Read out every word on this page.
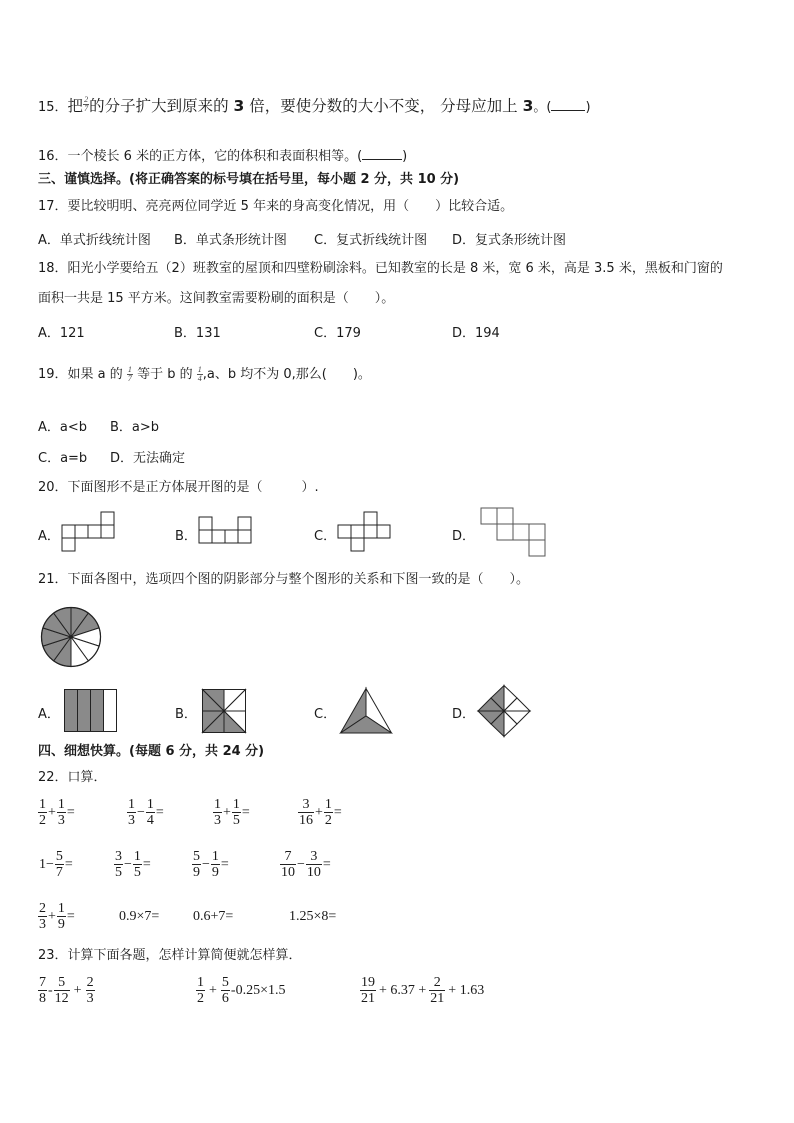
15．把 $\frac{2}{7}$ 的分子扩大到原来的 3 倍，要使分数的大小不变， 分母应加上 3。(	)
16．一个棱长 6 米的正方体，它的体积和表面积相等。(	)
三、谨慎选择。(将正确答案的标号填在括号里，每小题 2 分，共 10 分)
17．要比较明明、亮亮两位同学近 5 年来的身高变化情况，用（　　）比较合适。
A．单式折线统计图 B．单式条形统计图 C．复式折线统计图 D．复式条形统计图
18．阳光小学要给五（2）班教室的屋顶和四壁粉刷涂料。已知教室的长是 8 米，宽 6 米，高是 3.5 米，黑板和门窗的
面积一共是 15 平方米。这间教室需要粉刷的面积是（　　）。
A．121	B．131	C．179	D．194
19．如果 a 的 $\frac{1}{7}$ 等于 b 的 $\frac{1}{4} ,a$、b 均不为 0,那么(　　)。
A．a<b B．a>b
C．a=b D．无法确定
20．下面图形不是正方体展开图的是（　　　）.
A．	B．	C．	D．
21．下面各图中，选项四个图的阴影部分与整个图形的关系和下图一致的是（　　）。
A．	B．	C．	D．
四、细想快算。(每题 6 分，共 24 分)
22．口算．
$\frac{1}{2} + \frac{1}{3}$ =	$\frac{1}{3} - \frac{1}{4}$ =	$\frac{1}{3} + \frac{1}{5}$ =	$\frac{3}{16} + \frac{1}{2}$ =
$1- \frac{5}{7}$ =	$\frac{3}{5} - \frac{1}{5}$ =	$\frac{5}{9} - \frac{1}{9}$ =	$\frac{7}{10} - \frac{3}{10}$ =
$\frac{2}{3} + \frac{1}{9}$ =	0.9×7= 0.6+7=	1.25×8=
23．计算下面各题，怎样计算简便就怎样算．
$\frac{7}{8} - \frac{5}{12} + \frac{2}{3}$	$\frac{1}{2} + \frac{5}{6} -0.25\times 1.5$	$\frac{19}{21} + 6.37 + \frac{2}{21} + 1.63$
